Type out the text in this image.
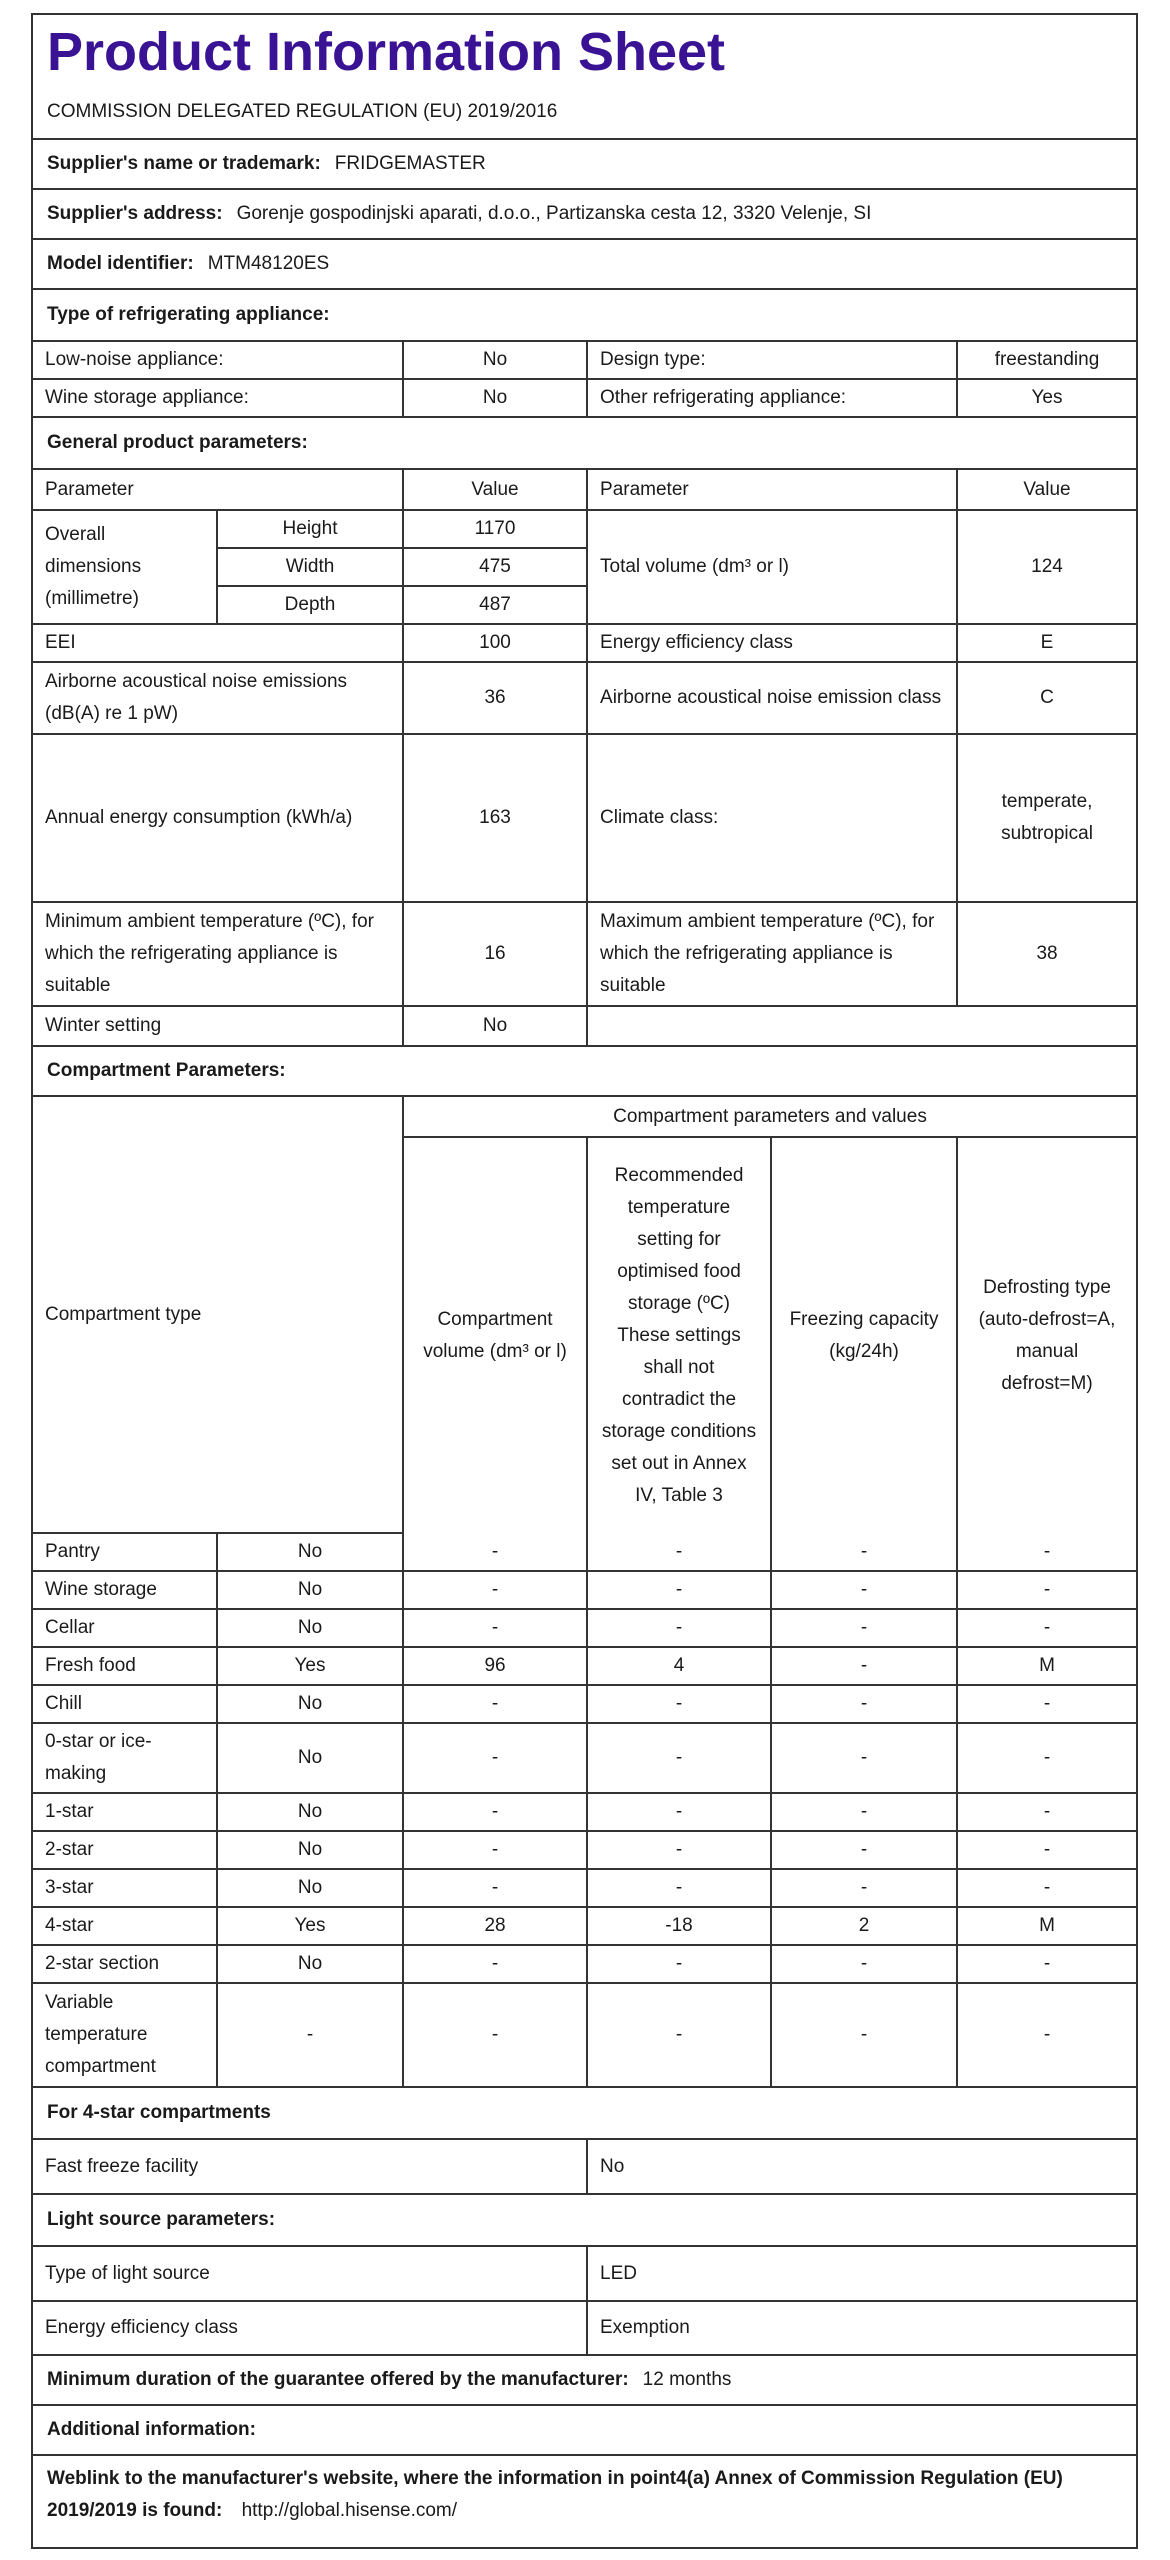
Product Information Sheet
COMMISSION DELEGATED REGULATION (EU) 2019/2016
Supplier's name or trademark: FRIDGEMASTER
Supplier's address: Gorenje gospodinjski aparati, d.o.o., Partizanska cesta 12, 3320 Velenje, SI
Model identifier: MTM48120ES
Type of refrigerating appliance:
Low-noise appliance:	No	Design type:	freestanding
Wine storage appliance:	No	Other refrigerating appliance:	Yes
General product parameters:
Parameter		Value	Parameter	Value
Overall dimensions (millimetre)	Height	1170	Total volume (dm³ or l)	124
	Width	475		
	Depth	487		
EEI		100	Energy efficiency class	E
Airborne acoustical noise emissions (dB(A) re 1 pW)		36	Airborne acoustical noise emission class	C
Annual energy consumption (kWh/a)		163	Climate class:	temperate, subtropical
Minimum ambient temperature (ºC), for which the refrigerating appliance is suitable		16	Maximum ambient temperature (ºC), for which the refrigerating appliance is suitable	38
Winter setting		No		
Compartment Parameters:
Compartment type		Compartment parameters and values			
		Compartment volume (dm³ or l)	Recommended temperature setting for optimised food storage (ºC) These settings shall not contradict the storage conditions set out in Annex IV, Table 3	Freezing capacity (kg/24h)	Defrosting type (auto-defrost=A, manual defrost=M)
Pantry	No	-	-	-	-
Wine storage	No	-	-	-	-
Cellar	No	-	-	-	-
Fresh food	Yes	96	4	-	M
Chill	No	-	-	-	-
0-star or ice-making	No	-	-	-	-
1-star	No	-	-	-	-
2-star	No	-	-	-	-
3-star	No	-	-	-	-
4-star	Yes	28	-18	2	M
2-star section	No	-	-	-	-
Variable temperature compartment	-	-	-	-	-
For 4-star compartments
Fast freeze facility	No
Light source parameters:
Type of light source	LED
Energy efficiency class	Exemption
Minimum duration of the guarantee offered by the manufacturer: 12 months
Additional information:
Weblink to the manufacturer's website, where the information in point4(a) Annex of Commission Regulation (EU) 2019/2019 is found: http://global.hisense.com/
